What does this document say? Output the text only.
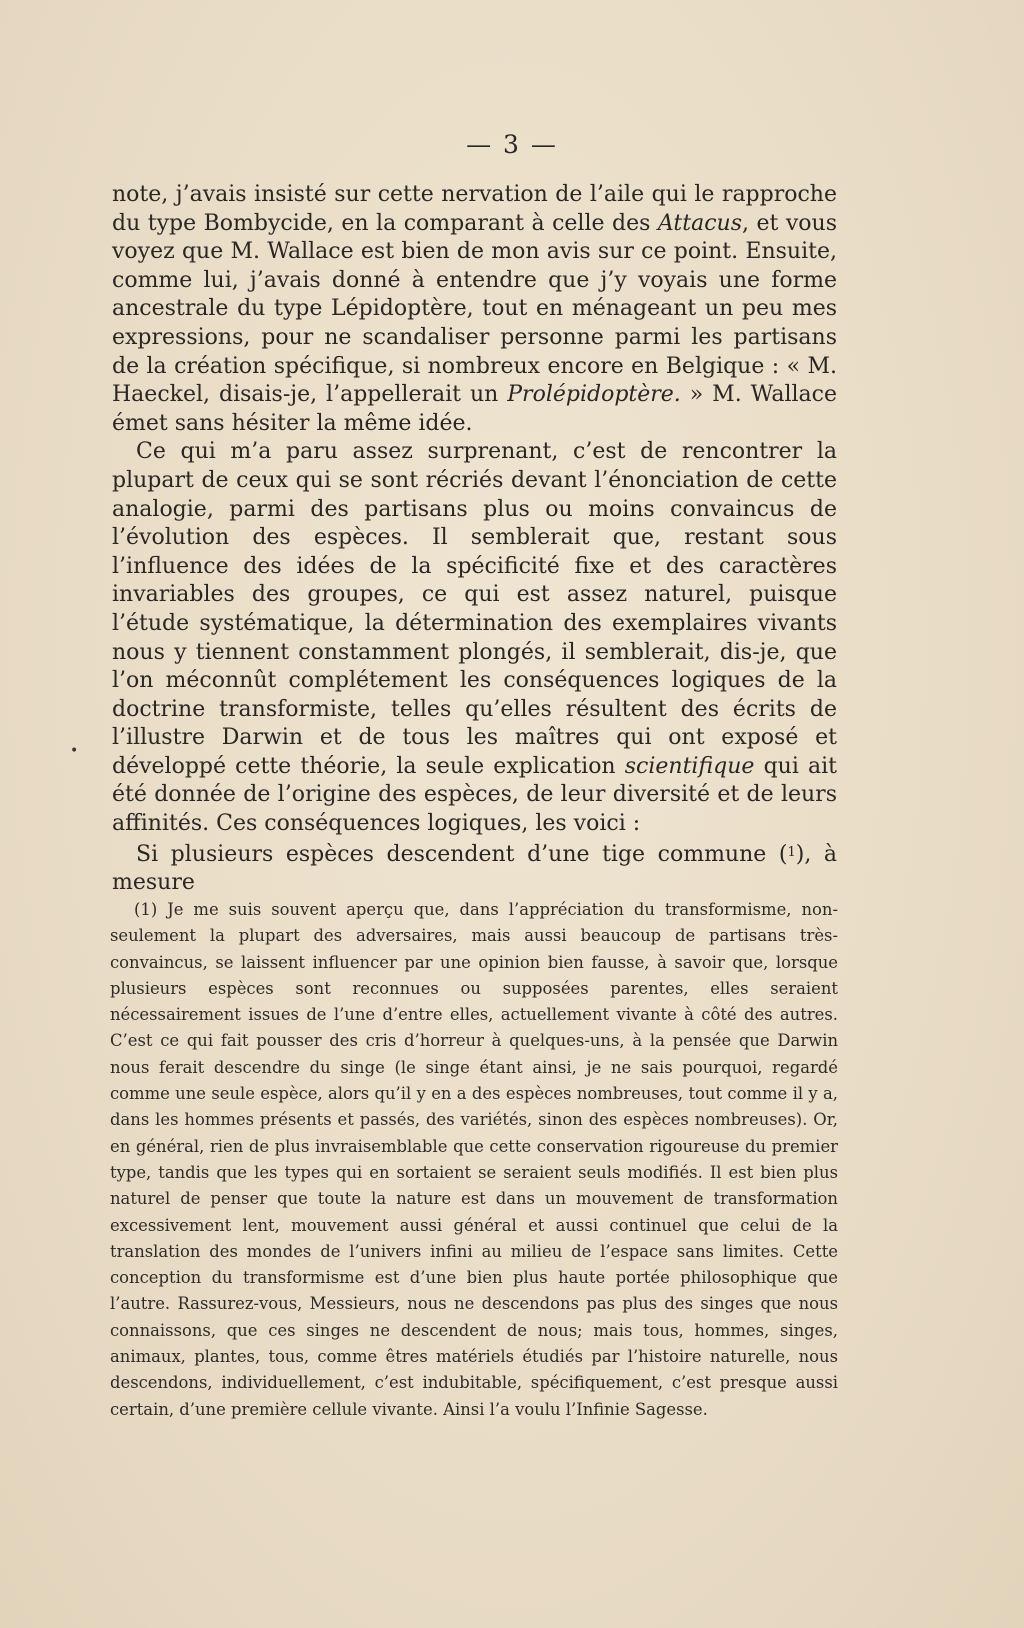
— 3 —
•

note, j’avais insisté sur cette nervation de l’aile qui le rapproche du type Bombycide, en la comparant à celle des Attacus, et vous voyez que M. Wallace est bien de mon avis sur ce point. Ensuite, comme lui, j’avais donné à entendre que j’y voyais une forme ancestrale du type Lépidoptère, tout en ménageant un peu mes expressions, pour ne scandaliser personne parmi les partisans de la création spécifique, si nombreux encore en Belgique : « M. Haeckel, disais-je, l’appellerait un Prolépidoptère. » M. Wallace émet sans hésiter la même idée.

Ce qui m’a paru assez surprenant, c’est de rencontrer la plupart de ceux qui se sont récriés devant l’énonciation de cette analogie, parmi des partisans plus ou moins convaincus de l’évolution des espèces. Il semblerait que, restant sous l’influence des idées de la spécificité fixe et des caractères invariables des groupes, ce qui est assez naturel, puisque l’étude systématique, la détermination des exemplaires vivants nous y tiennent constamment plongés, il semblerait, dis-je, que l’on méconnût complétement les conséquences logiques de la doctrine transformiste, telles qu’elles résultent des écrits de l’illustre Darwin et de tous les maîtres qui ont exposé et développé cette théorie, la seule explication scientifique qui ait été donnée de l’origine des espèces, de leur diversité et de leurs affinités. Ces conséquences logiques, les voici :

Si plusieurs espèces descendent d’une tige commune ($^1$), à mesure

(1) Je me suis souvent aperçu que, dans l’appréciation du transformisme, non-seulement la plupart des adversaires, mais aussi beaucoup de partisans très-convaincus, se laissent influencer par une opinion bien fausse, à savoir que, lorsque plusieurs espèces sont reconnues ou supposées parentes, elles seraient nécessairement issues de l’une d’entre elles, actuellement vivante à côté des autres. C’est ce qui fait pousser des cris d’horreur à quelques-uns, à la pensée que Darwin nous ferait descendre du singe (le singe étant ainsi, je ne sais pourquoi, regardé comme une seule espèce, alors qu’il y en a des espèces nombreuses, tout comme il y a, dans les hommes présents et passés, des variétés, sinon des espèces nombreuses). Or, en général, rien de plus invraisemblable que cette conservation rigoureuse du premier type, tandis que les types qui en sortaient se seraient seuls modifiés. Il est bien plus naturel de penser que toute la nature est dans un mouvement de transformation excessivement lent, mouvement aussi général et aussi continuel que celui de la translation des mondes de l’univers infini au milieu de l’espace sans limites. Cette conception du transformisme est d’une bien plus haute portée philosophique que l’autre. Rassurez-vous, Messieurs, nous ne descendons pas plus des singes que nous connaissons, que ces singes ne descendent de nous; mais tous, hommes, singes, animaux, plantes, tous, comme êtres matériels étudiés par l’histoire naturelle, nous descendons, individuellement, c’est indubitable, spécifiquement, c’est presque aussi certain, d’une première cellule vivante. Ainsi l’a voulu l’Infinie Sagesse.
